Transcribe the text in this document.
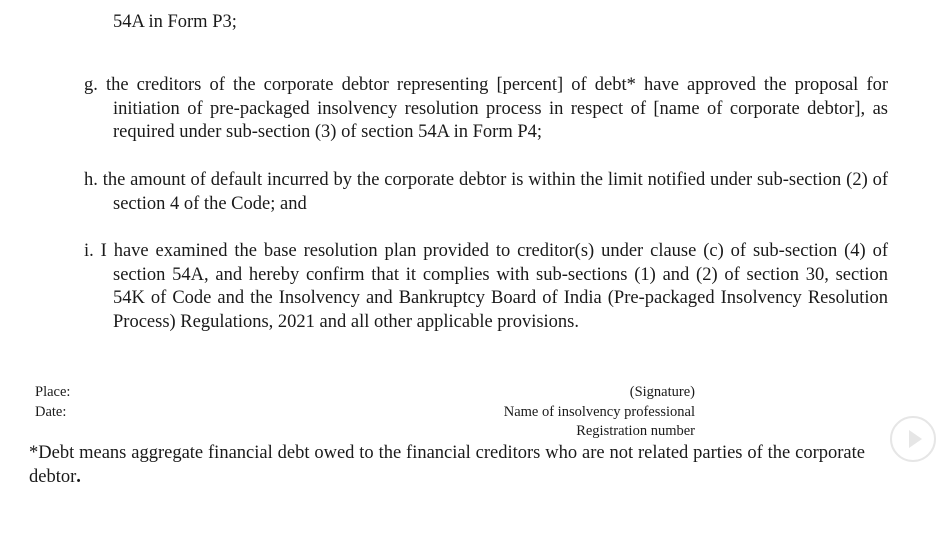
54A in Form P3;
g. the creditors of the corporate debtor representing [percent] of debt* have approved the proposal for initiation of pre-packaged insolvency resolution process in respect of [name of corporate debtor], as required under sub-section (3) of section 54A in Form P4;
h. the amount of default incurred by the corporate debtor is within the limit notified under sub-section (2) of section 4 of the Code; and
i. I have examined the base resolution plan provided to creditor(s) under clause (c) of sub-section (4) of section 54A, and hereby confirm that it complies with sub-sections (1) and (2) of section 30, section 54K of Code and the Insolvency and Bankruptcy Board of India (Pre-packaged Insolvency Resolution Process) Regulations, 2021 and all other applicable provisions.
Place:
Date:
(Signature)
Name of insolvency professional
Registration number
*Debt means aggregate financial debt owed to the financial creditors who are not related parties of the corporate debtor.
